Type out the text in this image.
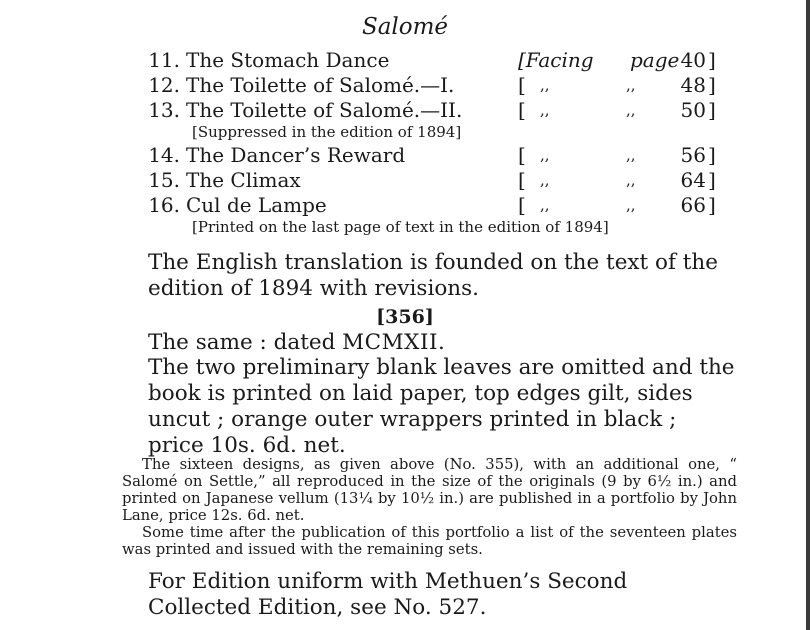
Salomé
11. The Stomach Dance	[Facing page 40 ]
12. The Toilette of Salomé.—I.	[ ,,	,,	48 ]
13. The Toilette of Salomé.—II.	[ ,,	,,	50 ]
[Suppressed in the edition of 1894]
14. The Dancer’s Reward	[ ,,	,,	56 ]
15. The Climax	[ ,,	,,	64 ]
16. Cul de Lampe	[ ,,	,,	66 ]
[Printed on the last page of text in the edition of 1894]
The English translation is founded on the text of the edition of 1894 with revisions.
[356]
The same : dated MCMXII.
The two preliminary blank leaves are omitted and the book is printed on laid paper, top edges gilt, sides uncut ; orange outer wrappers printed in black ; price 10s. 6d. net.
The sixteen designs, as given above (No. 355), with an additional one, “ Salomé on Settle,” all reproduced in the size of the originals (9 by 6½ in.) and printed on Japanese vellum (13¼ by 10½ in.) are published in a portfolio by John Lane, price 12s. 6d. net.
Some time after the publication of this portfolio a list of the seventeen plates was printed and issued with the remaining sets.
For Edition uniform with Methuen’s Second Collected Edition, see No. 527.
